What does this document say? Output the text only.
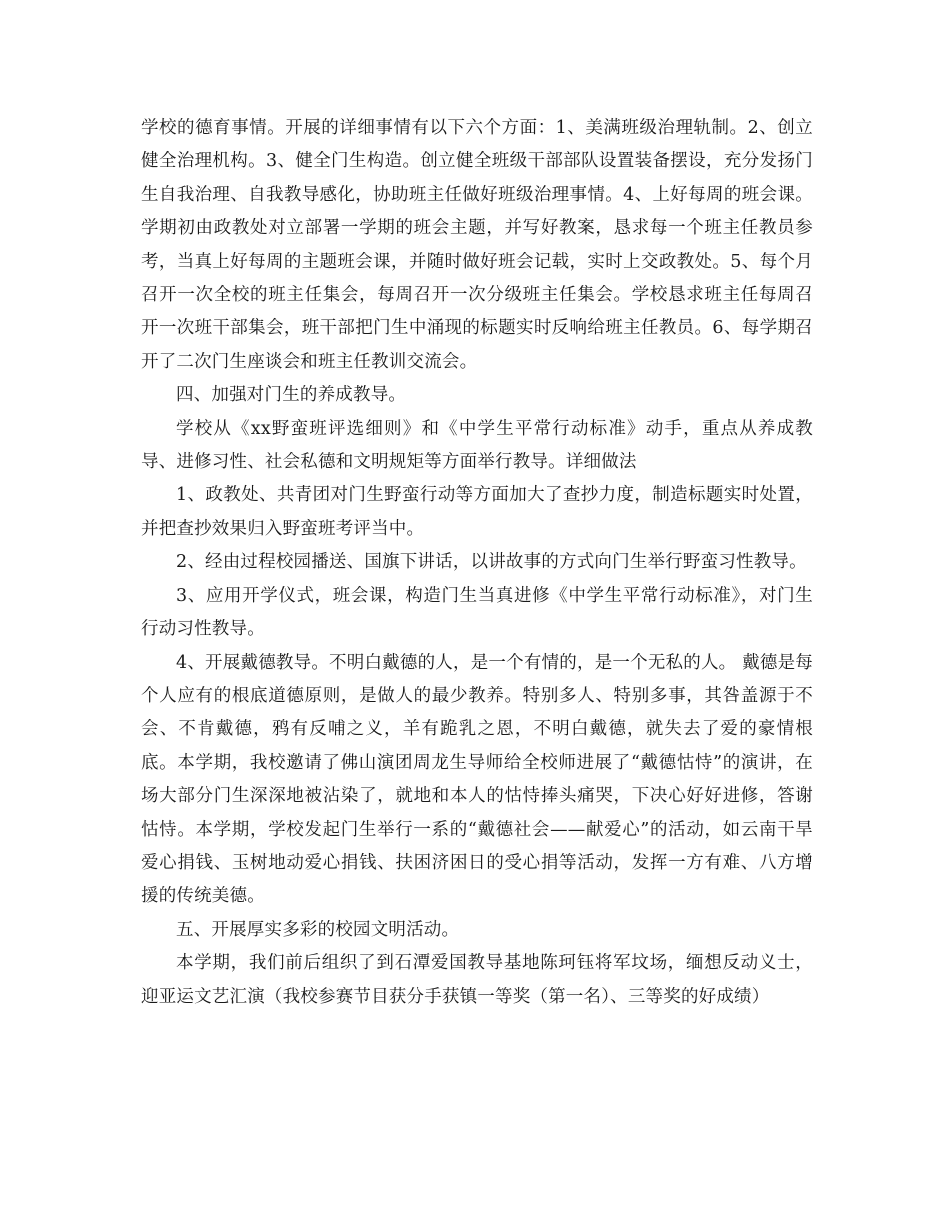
学校的德育事情。开展的详细事情有以下六个方面：1、美满班级治理轨制。2、创立健全治理机构。3、健全门生构造。创立健全班级干部部队设置装备摆设，充分发扬门生自我治理、自我教导感化，协助班主任做好班级治理事情。4、上好每周的班会课。学期初由政教处对立部署一学期的班会主题，并写好教案，恳求每一个班主任教员参考，当真上好每周的主题班会课，并随时做好班会记载，实时上交政教处。5、每个月召开一次全校的班主任集会，每周召开一次分级班主任集会。学校恳求班主任每周召开一次班干部集会，班干部把门生中涌现的标题实时反响给班主任教员。6、每学期召开了二次门生座谈会和班主任教训交流会。

四、加强对门生的养成教导。

学校从《xx野蛮班评选细则》和《中学生平常行动标准》动手，重点从养成教导、进修习性、社会私德和文明规矩等方面举行教导。详细做法

1、政教处、共青团对门生野蛮行动等方面加大了查抄力度，制造标题实时处置，并把查抄效果归入野蛮班考评当中。

2、经由过程校园播送、国旗下讲话，以讲故事的方式向门生举行野蛮习性教导。

3、应用开学仪式，班会课，构造门生当真进修《中学生平常行动标准》，对门生行动习性教导。

4、开展戴德教导。不明白戴德的人，是一个有情的，是一个无私的人。 戴德是每个人应有的根底道德原则，是做人的最少教养。特别多人、特别多事，其咎盖源于不会、不肯戴德，鸦有反哺之义，羊有跪乳之恩，不明白戴德，就失去了爱的豪情根底。本学期，我校邀请了佛山演团周龙生导师给全校师进展了“戴德怙恃”的演讲，在场大部分门生深深地被沾染了，就地和本人的怙恃捧头痛哭，下决心好好进修，答谢怙恃。本学期，学校发起门生举行一系的“戴德社会——献爱心”的活动，如云南干旱爱心捐钱、玉树地动爱心捐钱、扶困济困日的受心捐等活动，发挥一方有难、八方增援的传统美德。

五、开展厚实多彩的校园文明活动。

本学期，我们前后组织了到石潭爱国教导基地陈珂钰将军坟场，缅想反动义士，迎亚运文艺汇演（我校参赛节目获分手获镇一等奖（第一名）、三等奖的好成绩）
